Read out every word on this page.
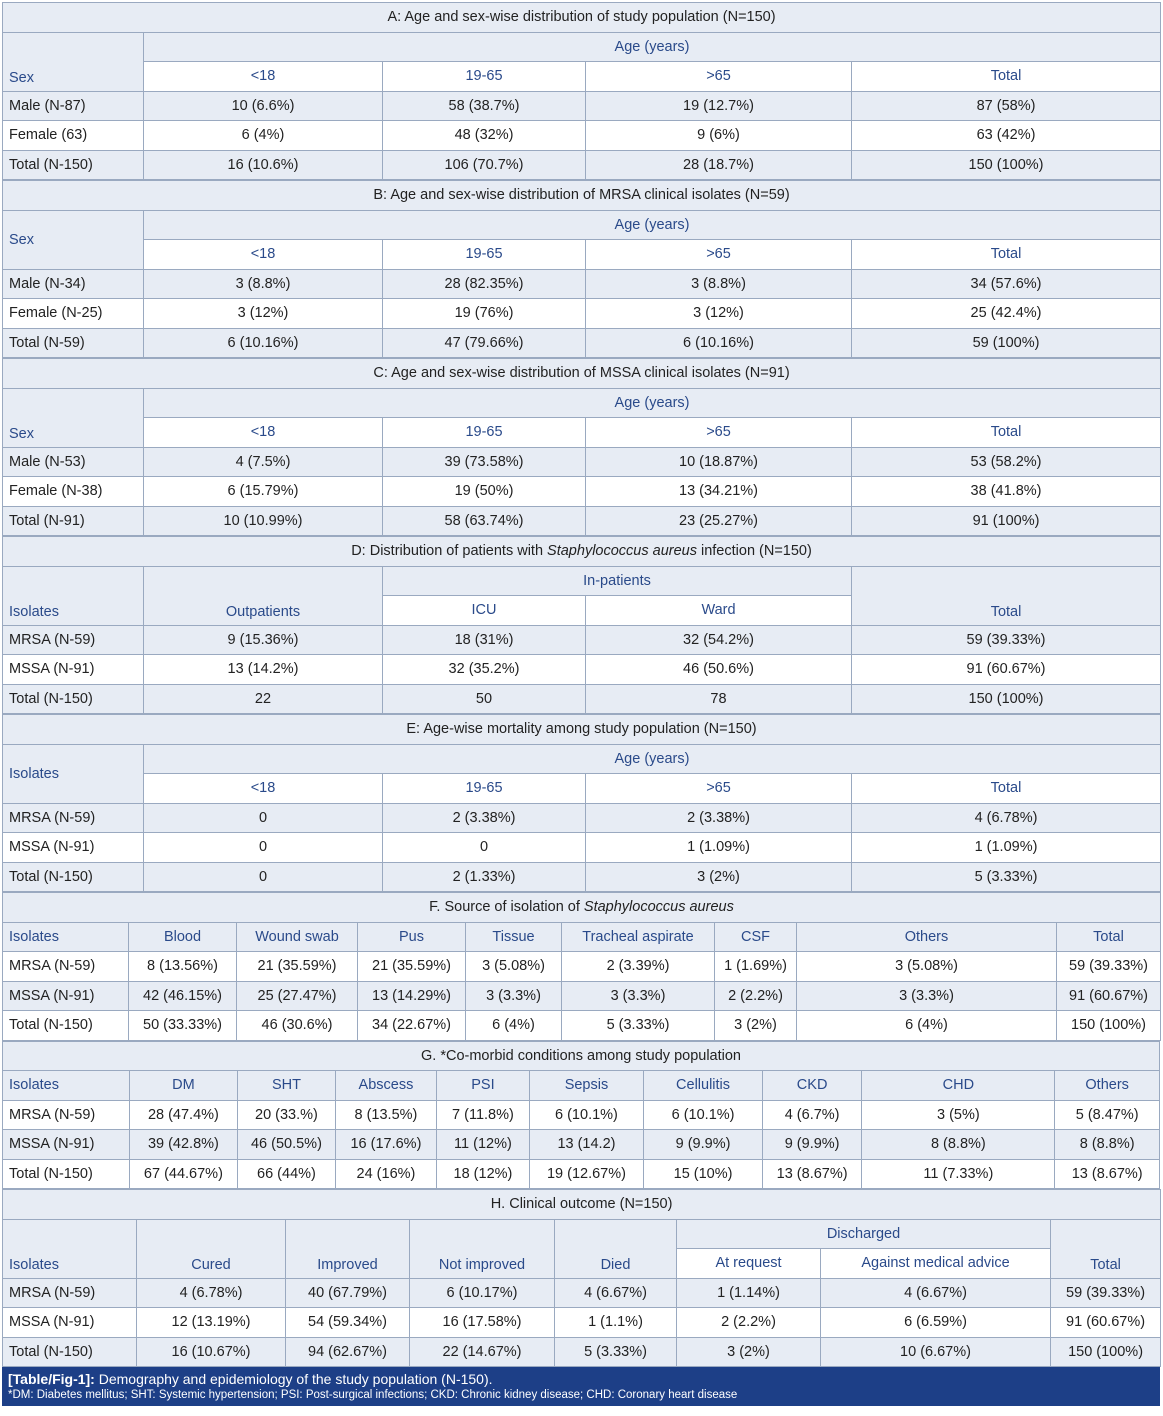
A: Age and sex-wise distribution of study population (N=150)				
Sex	Age (years)			
	<18	19-65	>65	Total
Male (N-87)	10 (6.6%)	58 (38.7%)	19 (12.7%)	87 (58%)
Female (63)	6 (4%)	48 (32%)	9 (6%)	63 (42%)
Total (N-150)	16 (10.6%)	106 (70.7%)	28 (18.7%)	150 (100%)
B: Age and sex-wise distribution of MRSA clinical isolates (N=59)				
Sex	Age (years)			
	<18	19-65	>65	Total
Male (N-34)	3 (8.8%)	28 (82.35%)	3 (8.8%)	34 (57.6%)
Female (N-25)	3 (12%)	19 (76%)	3 (12%)	25 (42.4%)
Total (N-59)	6 (10.16%)	47 (79.66%)	6 (10.16%)	59 (100%)
C: Age and sex-wise distribution of MSSA clinical isolates (N=91)				
Sex	Age (years)			
	<18	19-65	>65	Total
Male (N-53)	4 (7.5%)	39 (73.58%)	10 (18.87%)	53 (58.2%)
Female (N-38)	6 (15.79%)	19 (50%)	13 (34.21%)	38 (41.8%)
Total (N-91)	10 (10.99%)	58 (63.74%)	23 (25.27%)	91 (100%)
D: Distribution of patients with Staphylococcus aureus infection (N=150)				
Isolates	Outpatients	In-patients		Total
		ICU	Ward	
MRSA (N-59)	9 (15.36%)	18 (31%)	32 (54.2%)	59 (39.33%)
MSSA (N-91)	13 (14.2%)	32 (35.2%)	46 (50.6%)	91 (60.67%)
Total (N-150)	22	50	78	150 (100%)
E: Age-wise mortality among study population (N=150)				
Isolates	Age (years)			
	<18	19-65	>65	Total
MRSA (N-59)	0	2 (3.38%)	2 (3.38%)	4 (6.78%)
MSSA (N-91)	0	0	1 (1.09%)	1 (1.09%)
Total (N-150)	0	2 (1.33%)	3 (2%)	5 (3.33%)
F. Source of isolation of Staphylococcus aureus								
Isolates	Blood	Wound swab	Pus	Tissue	Tracheal aspirate	CSF	Others	Total
MRSA (N-59)	8 (13.56%)	21 (35.59%)	21 (35.59%)	3 (5.08%)	2 (3.39%)	1 (1.69%)	3 (5.08%)	59 (39.33%)
MSSA (N-91)	42 (46.15%)	25 (27.47%)	13 (14.29%)	3 (3.3%)	3 (3.3%)	2 (2.2%)	3 (3.3%)	91 (60.67%)
Total (N-150)	50 (33.33%)	46 (30.6%)	34 (22.67%)	6 (4%)	5 (3.33%)	3 (2%)	6 (4%)	150 (100%)
G. *Co-morbid conditions among study population									
Isolates	DM	SHT	Abscess	PSI	Sepsis	Cellulitis	CKD	CHD	Others
MRSA (N-59)	28 (47.4%)	20 (33.%)	8 (13.5%)	7 (11.8%)	6 (10.1%)	6 (10.1%)	4 (6.7%)	3 (5%)	5 (8.47%)
MSSA (N-91)	39 (42.8%)	46 (50.5%)	16 (17.6%)	11 (12%)	13 (14.2)	9 (9.9%)	9 (9.9%)	8 (8.8%)	8 (8.8%)
Total (N-150)	67 (44.67%)	66 (44%)	24 (16%)	18 (12%)	19 (12.67%)	15 (10%)	13 (8.67%)	11 (7.33%)	13 (8.67%)
H. Clinical outcome (N=150)							
Isolates	Cured	Improved	Not improved	Died	Discharged		Total
					At request	Against medical advice	
MRSA (N-59)	4 (6.78%)	40 (67.79%)	6 (10.17%)	4 (6.67%)	1 (1.14%)	4 (6.67%)	59 (39.33%)
MSSA (N-91)	12 (13.19%)	54 (59.34%)	16 (17.58%)	1 (1.1%)	2 (2.2%)	6 (6.59%)	91 (60.67%)
Total (N-150)	16 (10.67%)	94 (62.67%)	22 (14.67%)	5 (3.33%)	3 (2%)	10 (6.67%)	150 (100%)
[Table/Fig-1]: Demography and epidemiology of the study population (N-150).
*DM: Diabetes mellitus; SHT: Systemic hypertension; PSI: Post-surgical infections; CKD: Chronic kidney disease; CHD: Coronary heart disease
